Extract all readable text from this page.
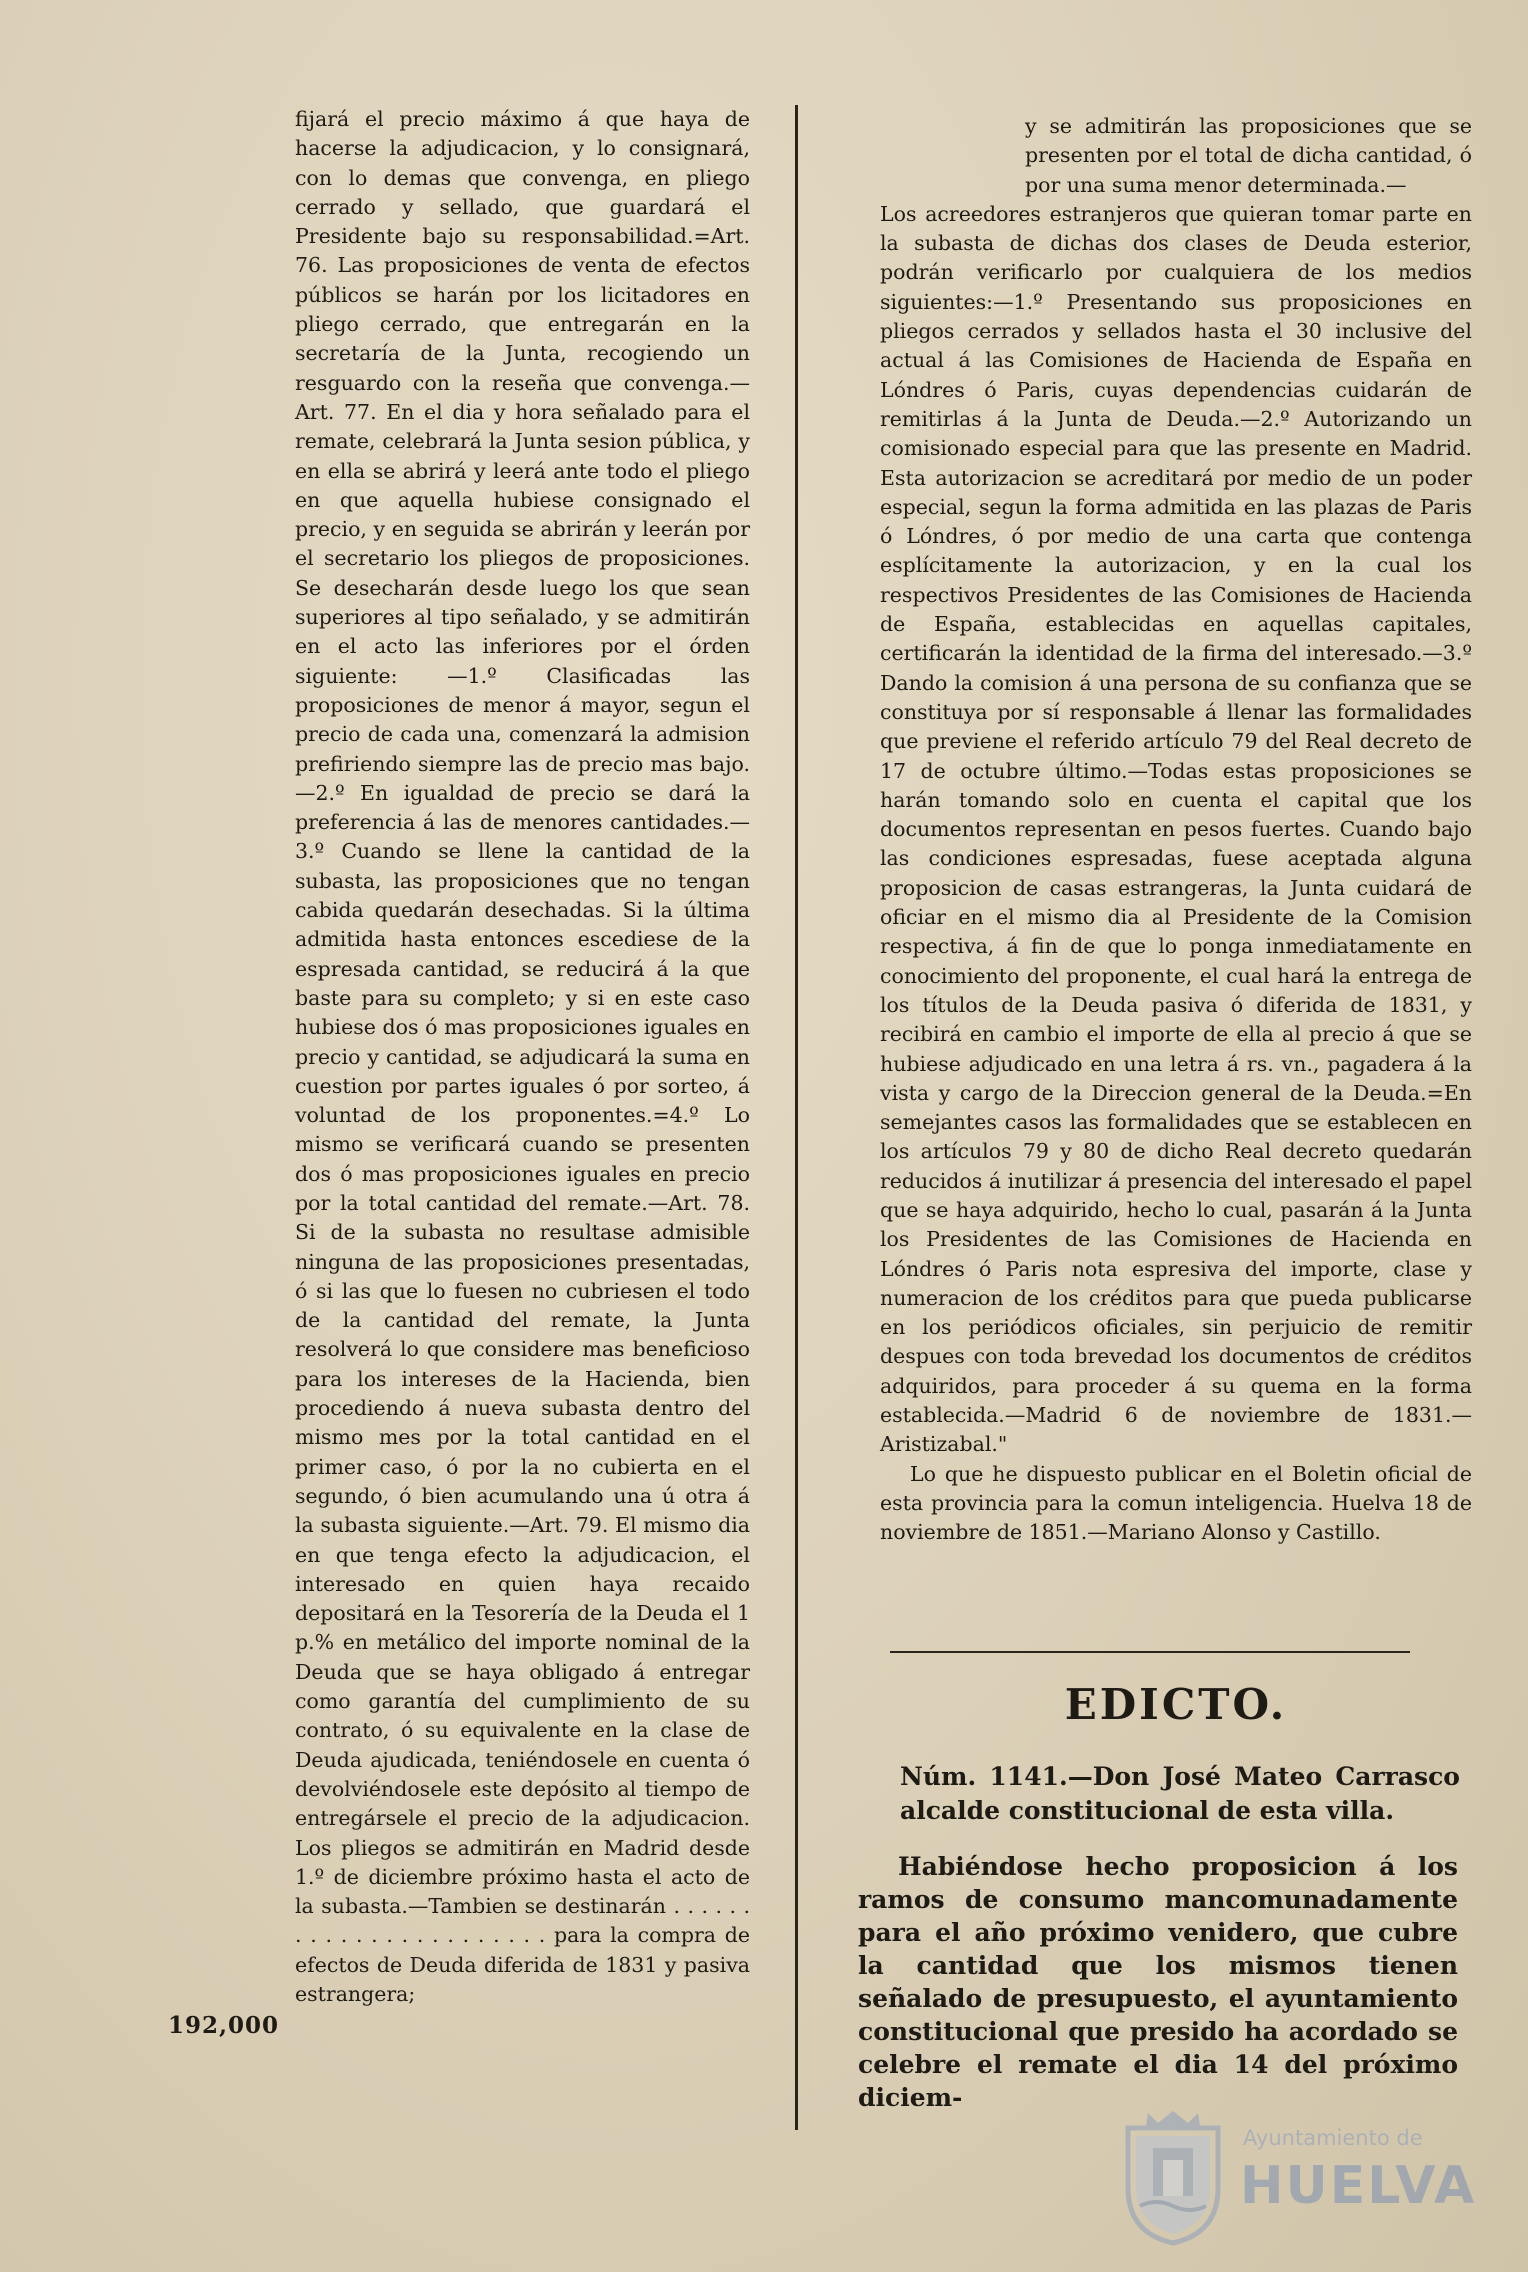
fijará el precio máximo á que haya de hacerse la adjudicacion, y lo consignará, con lo demas que convenga, en pliego cerrado y sellado, que guardará el Presidente bajo su responsabilidad.=Art. 76. Las proposiciones de venta de efectos públicos se harán por los licitadores en pliego cerrado, que entregarán en la secretaría de la Junta, recogiendo un resguardo con la reseña que convenga.—Art. 77. En el dia y hora señalado para el remate, celebrará la Junta sesion pública, y en ella se abrirá y leerá ante todo el pliego en que aquella hubiese consignado el precio, y en seguida se abrirán y leerán por el secretario los pliegos de proposiciones. Se desecharán desde luego los que sean superiores al tipo señalado, y se admitirán en el acto las inferiores por el órden siguiente: —1.º Clasificadas las proposiciones de menor á mayor, segun el precio de cada una, comenzará la admision prefiriendo siempre las de precio mas bajo. —2.º En igualdad de precio se dará la preferencia á las de menores cantidades.—3.º Cuando se llene la cantidad de la subasta, las proposiciones que no tengan cabida quedarán desechadas. Si la última admitida hasta entonces escediese de la espresada cantidad, se reducirá á la que baste para su completo; y si en este caso hubiese dos ó mas proposiciones iguales en precio y cantidad, se adjudicará la suma en cuestion por partes iguales ó por sorteo, á voluntad de los proponentes.=4.º Lo mismo se verificará cuando se presenten dos ó mas proposiciones iguales en precio por la total cantidad del remate.—Art. 78. Si de la subasta no resultase admisible ninguna de las proposiciones presentadas, ó si las que lo fuesen no cubriesen el todo de la cantidad del remate, la Junta resolverá lo que considere mas beneficioso para los intereses de la Hacienda, bien procediendo á nueva subasta dentro del mismo mes por la total cantidad en el primer caso, ó por la no cubierta en el segundo, ó bien acumulando una ú otra á la subasta siguiente.—Art. 79. El mismo dia en que tenga efecto la adjudicacion, el interesado en quien haya recaido depositará en la Tesorería de la Deuda el 1 p.% en metálico del importe nominal de la Deuda que se haya obligado á entregar como garantía del cumplimiento de su contrato, ó su equivalente en la clase de Deuda ajudicada, teniéndosele en cuenta ó devolviéndosele este depósito al tiempo de entregársele el precio de la adjudicacion. Los pliegos se admitirán en Madrid desde 1.º de diciembre próximo hasta el acto de la subasta.—Tambien se destinarán . . . . . . . . . . . . . . . . . . . . . . . para la compra de efectos de Deuda diferida de 1831 y pasiva estrangera;

192,000

y se admitirán las proposiciones que se presenten por el total de dicha cantidad, ó por una suma menor determinada.—

Los acreedores estranjeros que quieran tomar parte en la subasta de dichas dos clases de Deuda esterior, podrán verificarlo por cualquiera de los medios siguientes:—1.º Presentando sus proposiciones en pliegos cerrados y sellados hasta el 30 inclusive del actual á las Comisiones de Hacienda de España en Lóndres ó Paris, cuyas dependencias cuidarán de remitirlas á la Junta de Deuda.—2.º Autorizando un comisionado especial para que las presente en Madrid. Esta autorizacion se acreditará por medio de un poder especial, segun la forma admitida en las plazas de Paris ó Lóndres, ó por medio de una carta que contenga esplícitamente la autorizacion, y en la cual los respectivos Presidentes de las Comisiones de Hacienda de España, establecidas en aquellas capitales, certificarán la identidad de la firma del interesado.—3.º Dando la comision á una persona de su confianza que se constituya por sí responsable á llenar las formalidades que previene el referido artículo 79 del Real decreto de 17 de octubre último.—Todas estas proposiciones se harán tomando solo en cuenta el capital que los documentos representan en pesos fuertes. Cuando bajo las condiciones espresadas, fuese aceptada alguna proposicion de casas estrangeras, la Junta cuidará de oficiar en el mismo dia al Presidente de la Comision respectiva, á fin de que lo ponga inmediatamente en conocimiento del proponente, el cual hará la entrega de los títulos de la Deuda pasiva ó diferida de 1831, y recibirá en cambio el importe de ella al precio á que se hubiese adjudicado en una letra á rs. vn., pagadera á la vista y cargo de la Direccion general de la Deuda.=En semejantes casos las formalidades que se establecen en los artículos 79 y 80 de dicho Real decreto quedarán reducidos á inutilizar á presencia del interesado el papel que se haya adquirido, hecho lo cual, pasarán á la Junta los Presidentes de las Comisiones de Hacienda en Lóndres ó Paris nota espresiva del importe, clase y numeracion de los créditos para que pueda publicarse en los periódicos oficiales, sin perjuicio de remitir despues con toda brevedad los documentos de créditos adquiridos, para proceder á su quema en la forma establecida.—Madrid 6 de noviembre de 1831.—Aristizabal."

Lo que he dispuesto publicar en el Boletin oficial de esta provincia para la comun inteligencia. Huelva 18 de noviembre de 1851.—Mariano Alonso y Castillo.

EDICTO.
Núm. 1141.—Don José Mateo Carrasco alcalde constitucional de esta villa.
Habiéndose hecho proposicion á los ramos de consumo mancomunadamente para el año próximo venidero, que cubre la cantidad que los mismos tienen señalado de presupuesto, el ayuntamiento constitucional que presido ha acordado se celebre el remate el dia 14 del próximo diciem-
Ayuntamiento de
HUELVA
